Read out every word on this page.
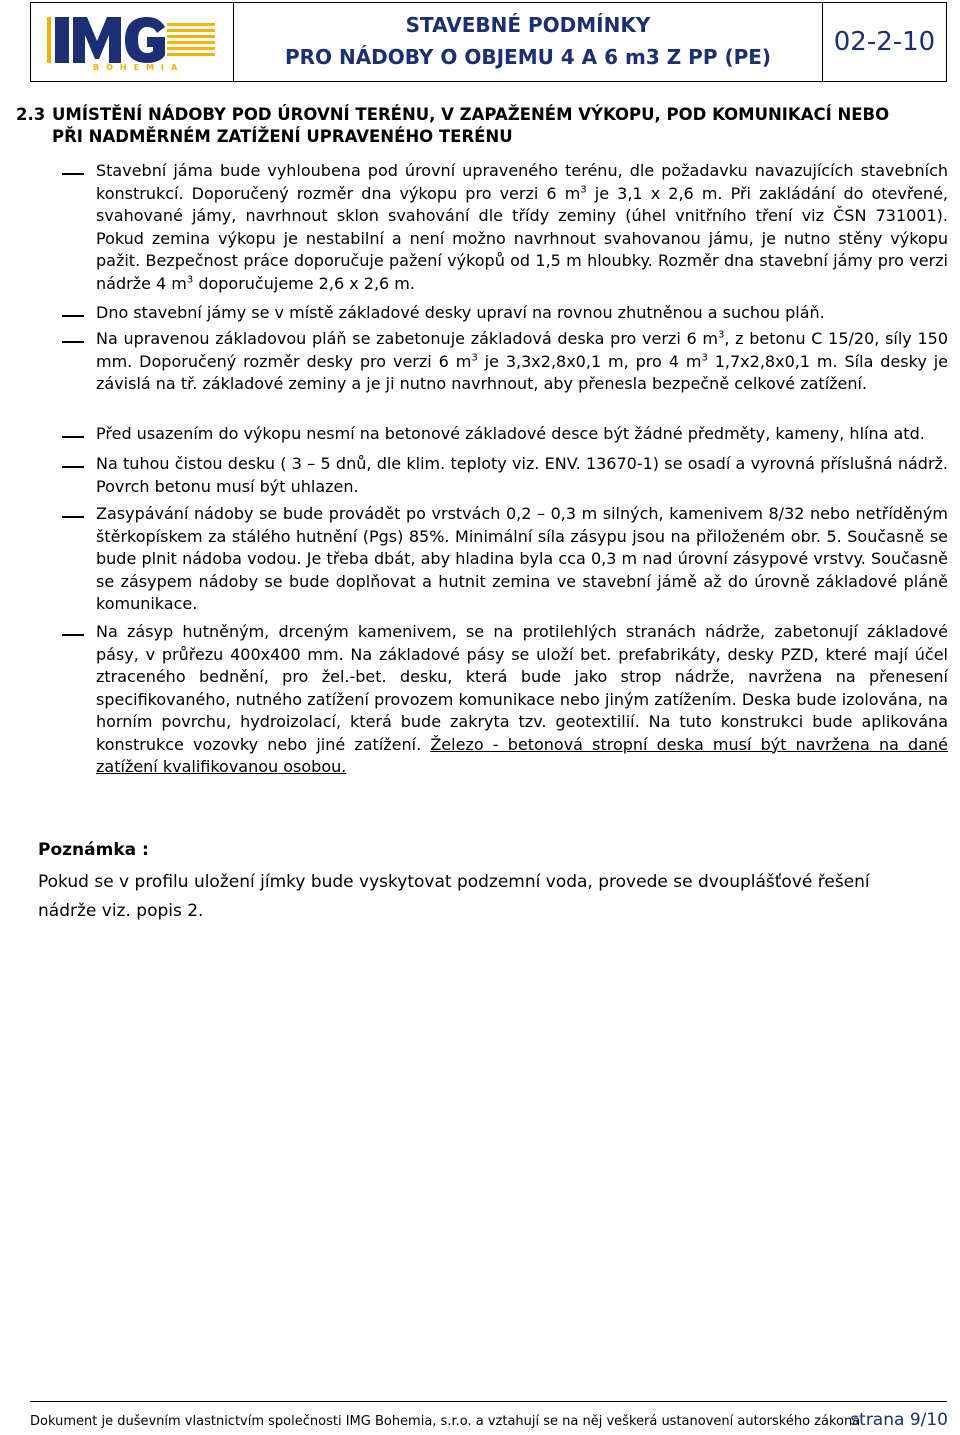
BOHEMIA
STAVEBNÉ PODMÍNKY
PRO NÁDOBY O OBJEMU 4 A 6 m3 Z PP (PE)	02-2-10
2.3 UMÍSTĚNÍ NÁDOBY POD ÚROVNÍ TERÉNU, V ZAPAŽENÉM VÝKOPU, POD KOMUNIKACÍ NEBO
PŘI NADMĚRNÉM ZATÍŽENÍ UPRAVENÉHO TERÉNU
Stavební jáma bude vyhloubena pod úrovní upraveného terénu, dle požadavku navazujících stavebních konstrukcí. Doporučený rozměr dna výkopu pro verzi 6 $m^3$ je 3,1 x 2,6 m. Při zakládání do otevřené, svahované jámy, navrhnout sklon svahování dle třídy zeminy (úhel vnitřního tření viz ČSN 731001). Pokud zemina výkopu je nestabilní a není možno navrhnout svahovanou jámu, je nutno stěny výkopu pažit. Bezpečnost práce doporučuje pažení výkopů od 1,5 m hloubky. Rozměr dna stavební jámy pro verzi nádrže 4 $m^3$ doporučujeme 2,6 x 2,6 m.
Dno stavební jámy se v místě základové desky upraví na rovnou zhutněnou a suchou pláň.
Na upravenou základovou pláň se zabetonuje základová deska pro verzi 6 $m^3$, z betonu C 15/20, síly 150 mm. Doporučený rozměr desky pro verzi 6 $m^3$ je 3,3x2,8x0,1 m, pro 4 $m^3$ 1,7x2,8x0,1 m. Síla desky je závislá na tř. základové zeminy a je ji nutno navrhnout, aby přenesla bezpečně celkové zatížení.
Před usazením do výkopu nesmí na betonové základové desce být žádné předměty, kameny, hlína atd.
Na tuhou čistou desku ( 3 – 5 dnů, dle klim. teploty viz. ENV. 13670-1) se osadí a vyrovná příslušná nádrž. Povrch betonu musí být uhlazen.
Zasypávání nádoby se bude provádět po vrstvách 0,2 – 0,3 m silných, kamenivem 8/32 nebo netříděným štěrkopískem za stálého hutnění (Pgs) 85%. Minimální síla zásypu jsou na přiloženém obr. 5. Současně se bude plnit nádoba vodou. Je třeba dbát, aby hladina byla cca 0,3 m nad úrovní zásypové vrstvy. Současně se zásypem nádoby se bude doplňovat a hutnit zemina ve stavební jámě až do úrovně základové pláně komunikace.
Na zásyp hutněným, drceným kamenivem, se na protilehlých stranách nádrže, zabetonují základové pásy, v průřezu 400x400 mm. Na základové pásy se uloží bet. prefabrikáty, desky PZD, které mají účel ztraceného bednění, pro žel.-bet. desku, která bude jako strop nádrže, navržena na přenesení specifikovaného, nutného zatížení provozem komunikace nebo jiným zatížením. Deska bude izolována, na horním povrchu, hydroizolací, která bude zakryta tzv. geotextilií. Na tuto konstrukci bude aplikována konstrukce vozovky nebo jiné zatížení. Železo - betonová stropní deska musí být navržena na dané zatížení kvalifikovanou osobou.
Poznámka :
Pokud se v profilu uložení jímky bude vyskytovat podzemní voda, provede se dvouplášťové řešení nádrže viz. popis 2.
Dokument je duševním vlastnictvím společnosti IMG Bohemia, s.r.o. a vztahují se na něj veškerá ustanovení autorského zákona
strana 9/10
